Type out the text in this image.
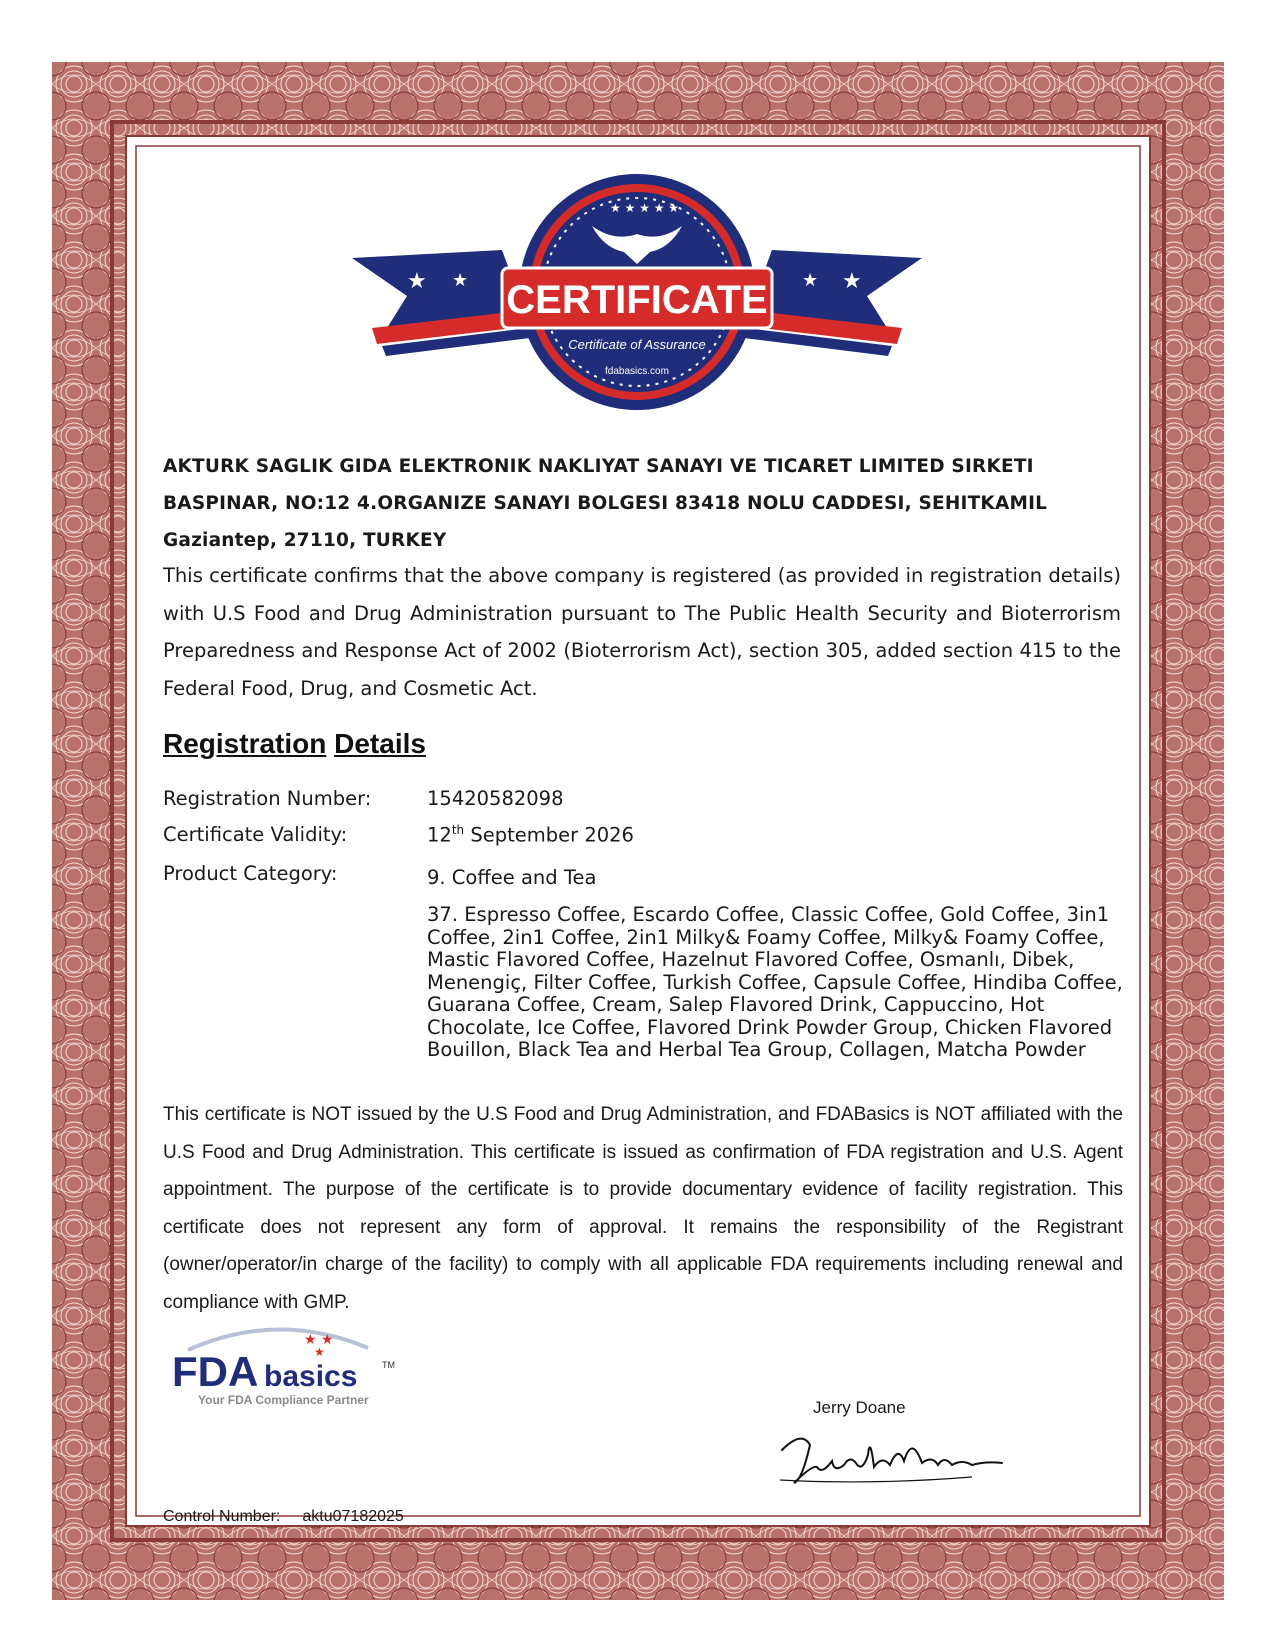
★ ★	★
★
★ ★ ★ ★ ★
CERTIFICATE
Certificate of Assurance
fdabasics.com
AKTURK SAGLIK GIDA ELEKTRONIK NAKLIYAT SANAYI VE TICARET LIMITED SIRKETI
BASPINAR, NO:12 4.ORGANIZE SANAYI BOLGESI 83418 NOLU CADDESI, SEHITKAMIL
Gaziantep, 27110, TURKEY
This certificate confirms that the above company is registered (as provided in registration details) with U.S Food and Drug Administration pursuant to The Public Health Security and Bioterrorism Preparedness and Response Act of 2002 (Bioterrorism Act), section 305, added section 415 to the Federal Food, Drug, and Cosmetic Act.
Registration Details
Registration Number:	15420582098
Certificate Validity:	12th September 2026
Product Category:	9. Coffee and Tea
37. Espresso Coffee, Escardo Coffee, Classic Coffee, Gold Coffee, 3in1 Coffee, 2in1 Coffee, 2in1 Milky& Foamy Coffee, Milky& Foamy Coffee, Mastic Flavored Coffee, Hazelnut Flavored Coffee, Osmanlı, Dibek, Menengiç, Filter Coffee, Turkish Coffee, Capsule Coffee, Hindiba Coffee, Guarana Coffee, Cream, Salep Flavored Drink, Cappuccino, Hot Chocolate, Ice Coffee, Flavored Drink Powder Group, Chicken Flavored Bouillon, Black Tea and Herbal Tea Group, Collagen, Matcha Powder
This certificate is NOT issued by the U.S Food and Drug Administration, and FDABasics is NOT affiliated with the U.S Food and Drug Administration. This certificate is issued as confirmation of FDA registration and U.S. Agent appointment. The purpose of the certificate is to provide documentary evidence of facility registration. This certificate does not represent any form of approval. It remains the responsibility of the Registrant (owner/operator/in charge of the facility) to comply with all applicable FDA requirements including renewal and compliance with GMP.
★ ★
★
FDA basics	TM
Your FDA Compliance Partner	Jerry Doane
Control Number: aktu07182025
